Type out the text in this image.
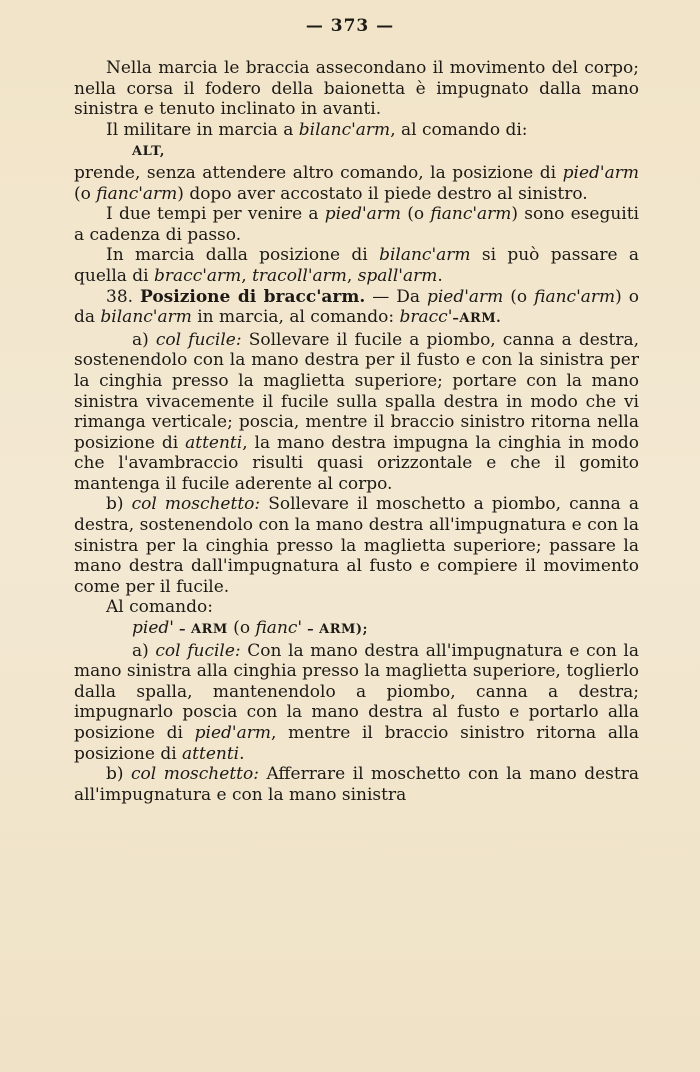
— 373 —

Nella marcia le braccia assecondano il movimento del corpo; nella corsa il fodero della baionetta è impugnato dalla mano sinistra e tenuto inclinato in avanti.

Il militare in marcia a bilanc'arm, al comando di:

ALT,

prende, senza attendere altro comando, la posizione di pied'arm (o fianc'arm) dopo aver accostato il piede destro al sinistro.

I due tempi per venire a pied'arm (o fianc'arm) sono eseguiti a cadenza di passo.

In marcia dalla posizione di bilanc'arm si può passare a quella di bracc'arm, tracoll'arm, spall'arm.

38. Posizione di bracc'arm. — Da pied'arm (o fianc'arm) o da bilanc'arm in marcia, al comando: bracc'–ARM.

a) col fucile: Sollevare il fucile a piombo, canna a destra, sostenendolo con la mano destra per il fusto e con la sinistra per la cinghia presso la maglietta superiore; portare con la mano sinistra vivacemente il fucile sulla spalla destra in modo che vi rimanga verticale; poscia, mentre il braccio sinistro ritorna nella posizione di attenti, la mano destra impugna la cinghia in modo che l'avambraccio risulti quasi orizzontale e che il gomito mantenga il fucile aderente al corpo.

b) col moschetto: Sollevare il moschetto a piombo, canna a destra, sostenendolo con la mano destra all'impugnatura e con la sinistra per la cinghia presso la maglietta superiore; passare la mano destra dall'impugnatura al fusto e compiere il movimento come per il fucile.

Al comando:

pied' – ARM (o fianc' – ARM);

a) col fucile: Con la mano destra all'impugnatura e con la mano sinistra alla cinghia presso la maglietta superiore, toglierlo dalla spalla, mantenendolo a piombo, canna a destra; impugnarlo poscia con la mano destra al fusto e portarlo alla posizione di pied'arm, mentre il braccio sinistro ritorna alla posizione di attenti.

b) col moschetto: Afferrare il moschetto con la mano destra all'impugnatura e con la mano sinistra
